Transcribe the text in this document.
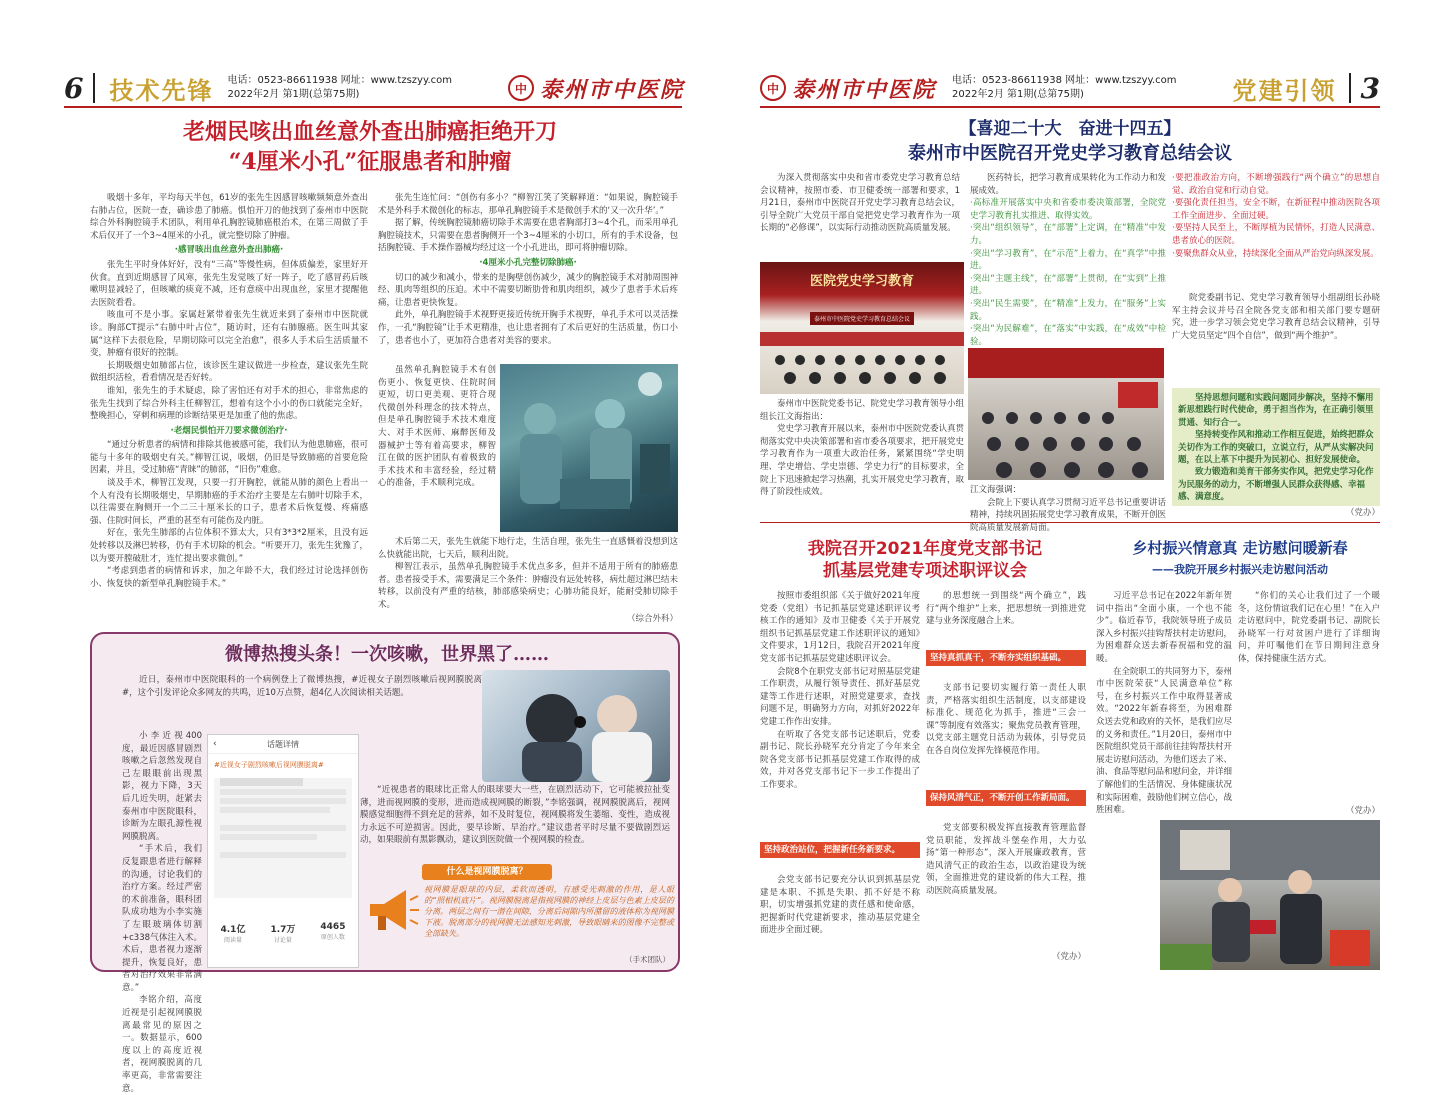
6 技术先锋 电话：0523-86611938 网址：www.tzszyy.com
2022年2月 第1期(总第75期)	中 泰州市中医院
老烟民咳出血丝意外查出肺癌拒绝开刀
“4厘米小孔”征服患者和肿瘤

吸烟十多年，平均每天半包，61岁的张先生因感冒咳嗽频频意外查出右肺占位，医院一查，确诊患了肺癌。惧怕开刀的他找到了泰州市中医院综合外科胸腔镜手术团队，利用单孔胸腔镜肺癌根治术，在第三周做了手术后仅开了一个3~4厘米的小孔，就完整切除了肿瘤。

·感冒咳出血丝意外查出肺癌·

张先生平时身体好好，没有“三高”等慢性病，但体质偏差，家里好开伙食。直到近期感冒了风寒，张先生发觉咳了好一阵子，吃了感冒药后咳嗽明显减轻了，但咳嗽的痰竟不减，还有意痰中出现血丝，家里才提醒他去医院看看。

咳血可不是小事。家属赶紧带着张先生就近来到了泰州市中医院就诊。胸部CT提示“右肺中叶占位”，随访时，还有右肺腺癌。医生叫其家属“这样下去很危险，早期切除可以完全治愈”，很多人手术后生活质量不变，肿瘤有很好的控制。

长期吸烟史如肺部占位，该诊医生建议做进一步检查，建议张先生院做组织活检，看看情况是否好转。

谁知，张先生的手术疑虑，除了害怕还有对手术的担心，非常焦虑的张先生找到了综合外科主任柳智江，想着有这个小小的伤口就能完全好，整晚担心，穿刺和病理的诊断结果更是加重了他的焦虑。

·老烟民惧怕开刀要求微创治疗·

“通过分析患者的病情和排除其他被感可能，我们认为他患肺癌，很可能与十多年的吸烟史有关。”柳智江说，吸烟，仍旧是导致肺癌的首要危险因素，并且，受过肺癌“青睐”的肺部，“旧伤”难愈。

谈及手术，柳智江发现，只要一打开胸腔，就能从肺的颜色上看出一个人有没有长期吸烟史，早期肺癌的手术治疗主要是左右肺叶切除手术，以往需要在胸侧开一个二三十厘米长的口子，患者术后恢复慢、疼痛感强、住院时间长，严重的甚至有可能伤及内脏。

好在，张先生肺部的占位体积不算太大，只有3*3*2厘米，且没有远处转移以及淋巴转移，仍有手术切除的机会。“听要开刀，张先生犹豫了，以为要开膛破肚才，连忙提出要求微创。”

“考虑到患者的病情和诉求，加之年龄不大，我们经过讨论选择创伤小、恢复快的新型单孔胸腔镜手术。”

张先生连忙问：“创伤有多小？”柳智江笑了笑解释道：“如果说，胸腔镜手术是外科手术微创化的标志，那单孔胸腔镜手术是微创手术的‘又一次升华’。”

据了解，传统胸腔镜肺癌切除手术需要在患者胸部打3~4个孔，而采用单孔胸腔镜技术，只需要在患者胸侧开一个3~4厘米的小切口，所有的手术设备，包括胸腔镜、手术操作器械均经过这一个小孔进出，即可将肿瘤切除。

·4厘米小孔完整切除肺癌·

切口的减少和减小，带来的是胸壁创伤减少，减少的胸腔镜手术对肺周围神经、肌肉等组织的压迫。术中不需要切断肋骨和肌肉组织，减少了患者手术后疼痛，让患者更快恢复。

此外，单孔胸腔镜手术视野更接近传统开胸手术视野，单孔手术可以灵活操作，一孔“胸腔镜”让手术更精准，也让患者拥有了术后更好的生活质量，伤口小了，患者也小了，更加符合患者对美容的要求。

虽然单孔胸腔镜手术有创伤更小、恢复更快、住院时间更短，切口更美观、更符合现代微创外科理念的技术特点，但是单孔胸腔镜手术技术难度大、对手术医师、麻醉医师及器械护士等有着高要求，柳智江在做的医护团队有着极致的手术技术和丰富经验，经过精心的准备，手术顺利完成。

术后第二天，张先生就能下地行走，生活自理，张先生一直感慨着没想到这么快就能出院，七天后，顺利出院。

柳智江表示，虽然单孔胸腔镜手术优点多多，但并不适用于所有的肺癌患者。患者接受手术，需要满足三个条件：肿瘤没有远处转移，病灶超过淋巴结未转移，以前没有严重的结核，肺部感染病史；心肺功能良好，能耐受肺切除手术。

（综合外科）
微博热搜头条！一次咳嗽，世界黑了……

近日，泰州市中医院眼科的一个病例登上了微博热搜，#近视女子剧烈咳嗽后视网膜脱离#，这个引发评论众多网友的共鸣，近10万点赞，超4亿人次阅读相关话题。

小李近视400度，最近因感冒剧烈咳嗽之后忽然发现自己左眼眼前出现黑影，视力下降，3天后几近失明，赶紧去泰州市中医院眼科，诊断为左眼孔源性视网膜脱离。

“手术后，我们反复跟患者进行解释的沟通，讨论我们的治疗方案。经过严密的术前准备，眼科团队成功地为小李实施了左眼玻璃体切割+c338气体注入术。术后，患者视力逐渐提升，恢复良好，患者对治疗效果非常满意。”

李铭介绍，高度近视是引起视网膜脱离最常见的原因之一。数据显示，600度以上的高度近视者，视网膜脱离的几率更高，非常需要注意。

‹	话题详情
#近视女子剧烈咳嗽后视网膜脱离#
4.1亿
阅读量
1.7万
讨论量
4465
原创人数

“近视患者的眼球比正常人的眼球要大一些，在剧烈活动下，它可能被拉扯变薄，进而视网膜的变形，进而造成视网膜的断裂，”李铭强调，视网膜脱离后，视网膜感觉细胞得不到充足的营养，如不及时复位，视网膜将发生萎缩、变性，造成视力永远不可逆损害。因此，要早诊断、早治疗。”建议患者平时尽量不要做剧烈运动，如果眼前有黑影飘动，建议到医院做一个视网膜的检查。

什么是视网膜脱离？
视网膜是眼球的内层，柔软而透明，有感受光刺激的作用，是人眼的“照相机底片”。视网膜脱离是指视网膜的神经上皮层与色素上皮层的分离。两层之间有一潜在间隙，分离后间隙内所潴留的液体称为视网膜下液。脱离部分的视网膜无法感知光刺激，导致眼睛来的图像不完整或全部缺失。
（手术团队）
中 泰州市中医院 电话：0523-86611938 网址：www.tzszyy.com
2022年2月 第1期(总第75期)	党建引领 3
【喜迎二十大　奋进十四五】
泰州市中医院召开党史学习教育总结会议

为深入贯彻落实中央和省市委党史学习教育总结会议精神，按照市委、市卫健委统一部署和要求，1月21日，泰州市中医院召开党史学习教育总结会议，引导全院广大党员干部自觉把党史学习教育作为一项长期的“必修课”，以实际行动推动医院高质量发展。

医院党史学习教育
泰州市中医院党史学习教育总结会议

泰州市中医院党委书记、院党史学习教育领导小组组长江文海指出：

党史学习教育开展以来，泰州市中医院党委认真贯彻落实党中央决策部署和省市委各项要求，把开展党史学习教育作为一项重大政治任务，紧紧围绕“学史明理、学史增信、学史崇德、学史力行”的目标要求，全院上下迅速掀起学习热潮，扎实开展党史学习教育，取得了阶段性成效。

医药特长，把学习教育成果转化为工作动力和发展成效。

·高标准开展落实中央和省委市委决策部署，全院党史学习教育扎实推进、取得实效。
·突出“组织领导”，在“部署”上定调，在“精准”中发力。
·突出“学习教育”，在“示范”上着力，在“真学”中推进。
·突出“主题主线”，在“部署”上贯彻，在“实到”上推进。
·突出“民生需要”，在“精准”上发力，在“服务”上实践。
·突出“为民解难”，在“落实”中实践，在“成效”中检验。
江文海强调：

会院上下要认真学习贯彻习近平总书记重要讲话精神，持续巩固拓展党史学习教育成果，不断开创医院高质量发展新局面。

·要把准政治方向，不断增强践行“两个确立”的思想自觉、政治自觉和行动自觉。
·要强化责任担当，安全不断，在新征程中推动医院各项工作全面进步、全面过硬。
·要坚持人民至上，不断厚植为民情怀，打造人民满意、患者放心的医院。
·要聚焦群众从业，持续深化全面从严治党向纵深发展。

院党委副书记、党史学习教育领导小组副组长孙晓军主持会议并号召全院各党支部和相关部门要专题研究，进一步学习领会党史学习教育总结会议精神，引导广大党员坚定“四个自信”，做到“两个维护”。

坚持思想问题和实践问题同步解决，坚持不懈用新思想践行时代使命，勇于担当作为，在正确引领里贯通、知行合一。
坚持转变作风和推动工作相互促进，始终把群众关切作为工作的突破口，立说立行，从严从实解决问题，在以上革下中提升为民初心、担好发展使命。
致力锻造和美育干部务实作风，把党史学习化作为民服务的动力，不断增强人民群众获得感、幸福感、满意度。
（党办）
我院召开2021年度党支部书记
抓基层党建专项述职评议会

按照市委组织部《关于做好2021年度党委（党组）书记抓基层党建述职评议考核工作的通知》及市卫健委《关于开展党组织书记抓基层党建工作述职评议的通知》文件要求，1月12日，我院召开2021年度党支部书记抓基层党建述职评议会。

会院8个在职党支部书记对照基层党建工作职责，从履行领导责任、抓好基层党建等工作进行述职，对照党建要求，查找问题不足，明确努力方向，对抓好2022年党建工作作出安排。

在听取了各党支部书记述职后，党委副书记、院长孙晓军充分肯定了今年来全院各党支部书记抓基层党建工作取得的成效，并对各党支部书记下一步工作提出了工作要求。

坚持政治站位，把握新任务新要求。

会党支部书记要充分认识到抓基层党建是本职、不抓是失职、抓不好是不称职，切实增强抓党建的责任感和使命感，把握新时代党建新要求，推动基层党建全面进步全面过硬。

的思想统一到围绕“两个确立”，践行“两个维护”上来，把思想统一到推进党建与业务深度融合上来。

坚持真抓真干，不断夯实组织基础。

支部书记要切实履行第一责任人职责，严格落实组织生活制度，以支部建设标准化、规范化为抓手，推进“三会一课”等制度有效落实；聚焦党员教育管理，以党支部主题党日活动为载体，引导党员在各自岗位发挥先锋模范作用。

保持风清气正，不断开创工作新局面。

党支部要积极发挥直接教育管理监督党员职能，发挥战斗堡垒作用，大力弘扬“第一种形态”，深入开展廉政教育，营造风清气正的政治生态，以政治建设为统领，全面推进党的建设新的伟大工程，推动医院高质量发展。

（党办）
乡村振兴情意真 走访慰问暖新春
——我院开展乡村振兴走访慰问活动

习近平总书记在2022年新年贺词中指出“全面小康，一个也不能少”。临近春节，我院领导班子成员深入乡村振兴挂钩帮扶村走访慰问，为困难群众送去新春祝福和党的温暖。

在全院职工的共同努力下，泰州市中医院荣获“人民满意单位”称号，在乡村振兴工作中取得显著成效。“2022年新春将至，为困难群众送去党和政府的关怀，是我们应尽的义务和责任。”1月20日，泰州市中医院组织党员干部前往挂钩帮扶村开展走访慰问活动，为他们送去了米、油、食品等慰问品和慰问金，并详细了解他们的生活情况、身体健康状况和实际困难，鼓励他们树立信心，战胜困难。

“你们的关心让我们过了一个暖冬，这份情谊我们记在心里！”在入户走访慰问中，院党委副书记、副院长孙晓军一行对贫困户进行了详细询问，并叮嘱他们在节日期间注意身体，保持健康生活方式。

（党办）
